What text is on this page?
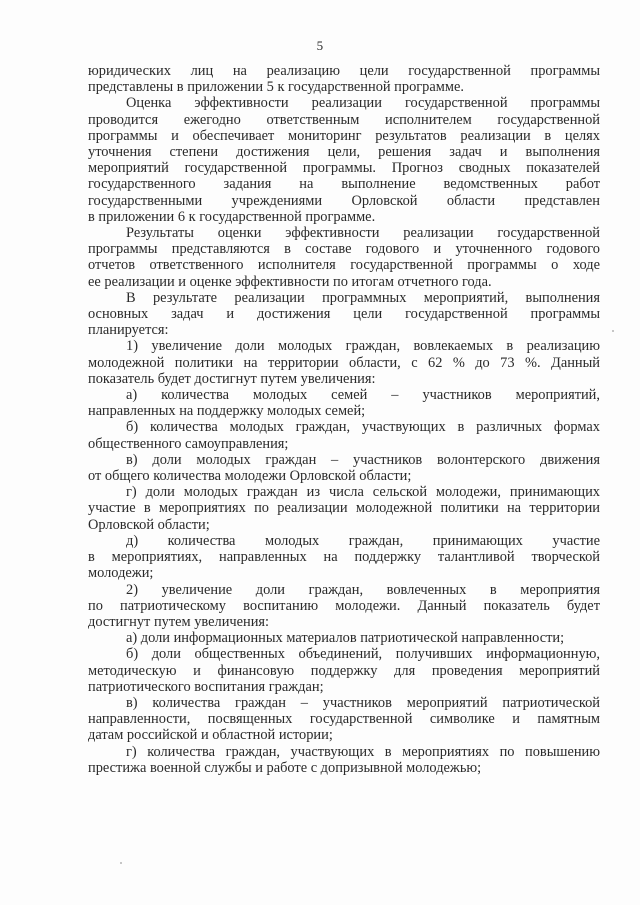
5

юридических лиц на реализацию цели государственной программы
представлены в приложении 5 к государственной программе.

Оценка эффективности реализации государственной программы
проводится ежегодно ответственным исполнителем государственной
программы и обеспечивает мониторинг результатов реализации в целях
уточнения степени достижения цели, решения задач и выполнения
мероприятий государственной программы. Прогноз сводных показателей
государственного задания на выполнение ведомственных работ
государственными учреждениями Орловской области представлен
в приложении 6 к государственной программе.

Результаты оценки эффективности реализации государственной
программы представляются в составе годового и уточненного годового
отчетов ответственного исполнителя государственной программы о ходе
ее реализации и оценке эффективности по итогам отчетного года.

В результате реализации программных мероприятий, выполнения
основных задач и достижения цели государственной программы
планируется:

1) увеличение доли молодых граждан, вовлекаемых в реализацию
молодежной политики на территории области, с 62 % до 73 %. Данный
показатель будет достигнут путем увеличения:

а) количества молодых семей – участников мероприятий,
направленных на поддержку молодых семей;

б) количества молодых граждан, участвующих в различных формах
общественного самоуправления;

в) доли молодых граждан – участников волонтерского движения
от общего количества молодежи Орловской области;

г) доли молодых граждан из числа сельской молодежи, принимающих
участие в мероприятиях по реализации молодежной политики на территории
Орловской области;

д) количества молодых граждан, принимающих участие
в мероприятиях, направленных на поддержку талантливой творческой
молодежи;

2) увеличение доли граждан, вовлеченных в мероприятия
по патриотическому воспитанию молодежи. Данный показатель будет
достигнут путем увеличения:

а) доли информационных материалов патриотической направленности;

б) доли общественных объединений, получивших информационную,
методическую и финансовую поддержку для проведения мероприятий
патриотического воспитания граждан;

в) количества граждан – участников мероприятий патриотической
направленности, посвященных государственной символике и памятным
датам российской и областной истории;

г) количества граждан, участвующих в мероприятиях по повышению
престижа военной службы и работе с допризывной молодежью;
